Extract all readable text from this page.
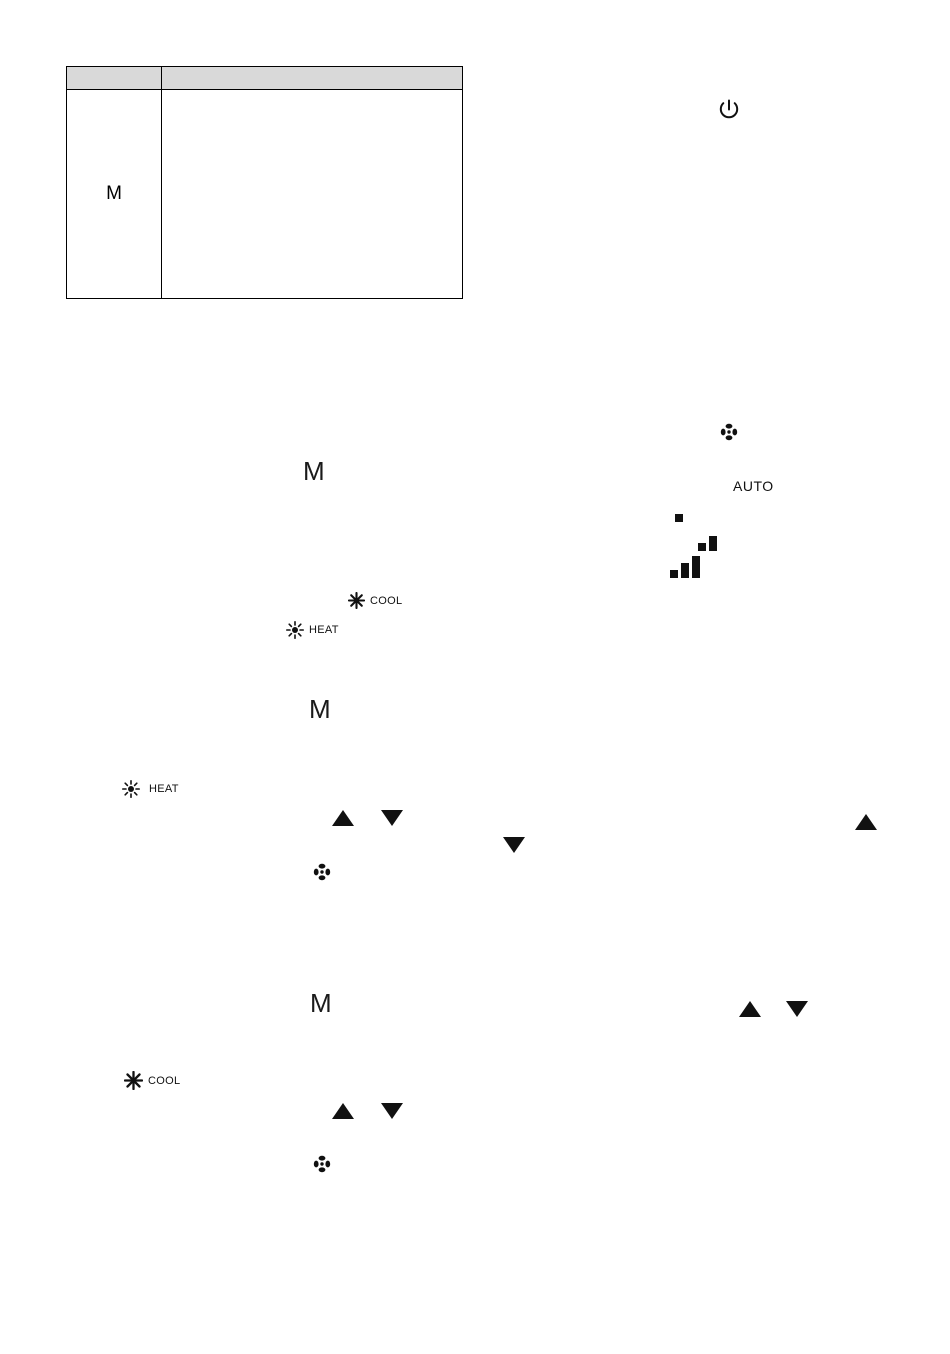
M	
M	AUTO
COOL
HEAT
M
HEAT
M
COOL
